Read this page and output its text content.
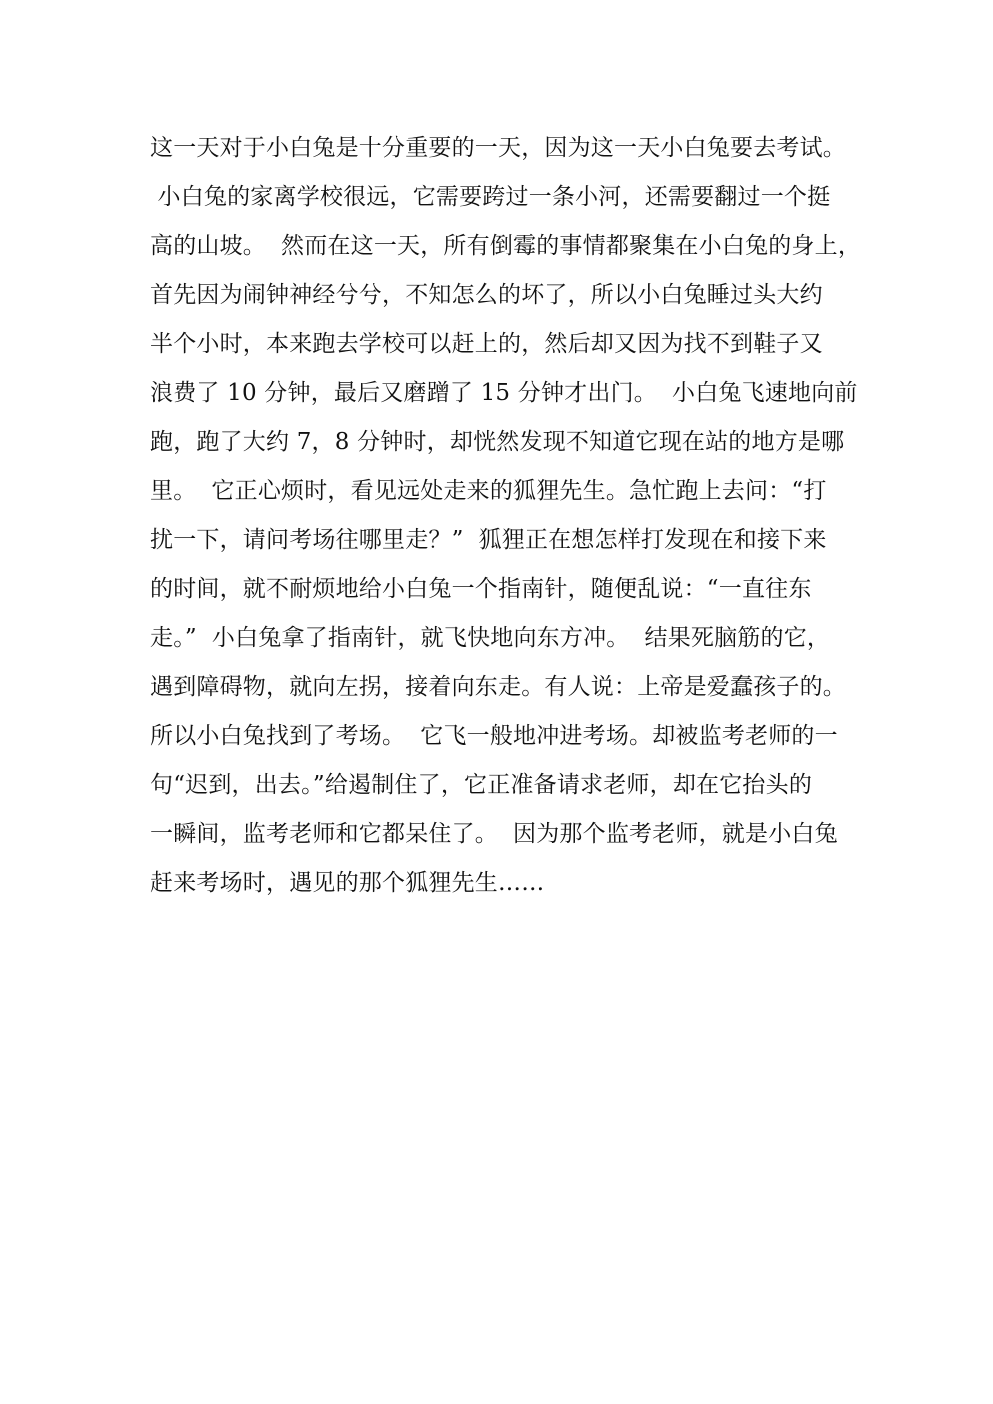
这一天对于小白兔是十分重要的一天，因为这一天小白兔要去考试。
小白兔的家离学校很远，它需要跨过一条小河，还需要翻过一个挺
高的山坡。  然而在这一天，所有倒霉的事情都聚集在小白兔的身上，
首先因为闹钟神经兮兮，不知怎么的坏了，所以小白兔睡过头大约
半个小时，本来跑去学校可以赶上的，然后却又因为找不到鞋子又
浪费了 10 分钟，最后又磨蹭了 15 分钟才出门。  小白兔飞速地向前
跑，跑了大约 7，8 分钟时，却恍然发现不知道它现在站的地方是哪
里。  它正心烦时，看见远处走来的狐狸先生。急忙跑上去问：“打
扰一下，请问考场往哪里走？”  狐狸正在想怎样打发现在和接下来
的时间，就不耐烦地给小白兔一个指南针，随便乱说：“一直往东
走。”  小白兔拿了指南针，就飞快地向东方冲。  结果死脑筋的它，
遇到障碍物，就向左拐，接着向东走。有人说：上帝是爱蠢孩子的。
所以小白兔找到了考场。  它飞一般地冲进考场。却被监考老师的一
句“迟到，出去。”给遏制住了，它正准备请求老师，却在它抬头的
一瞬间，监考老师和它都呆住了。  因为那个监考老师，就是小白兔
赶来考场时，遇见的那个狐狸先生……
